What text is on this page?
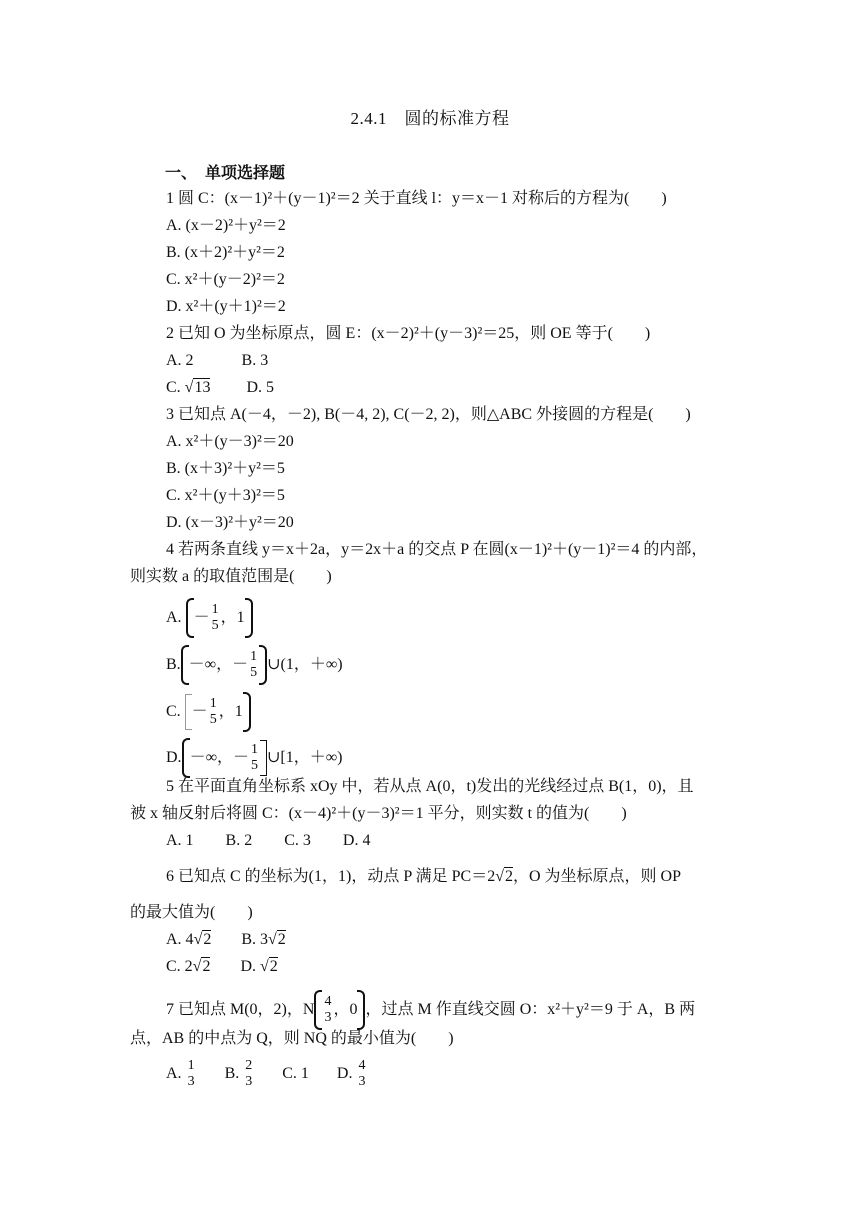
2.4.1　圆的标准方程
一、　单项选择题
1 圆 C：(x－1)²＋(y－1)²＝2 关于直线 l：y＝x－1 对称后的方程为(　　)
A. (x－2)²＋y²＝2
B. (x＋2)²＋y²＝2
C. x²＋(y－2)²＝2
D. x²＋(y＋1)²＝2
2 已知 O 为坐标原点，圆 E：(x－2)²＋(y－3)²＝25，则 OE 等于(　　)
A. 2　　　B. 3
C. √13 D. 5
3 已知点 A(－4，－2), B(－4, 2), C(－2, 2)，则△ABC 外接圆的方程是(　　)
A. x²＋(y－3)²＝20
B. (x＋3)²＋y²＝5
C. x²＋(y＋3)²＝5
D. (x－3)²＋y²＝20
4 若两条直线 y＝x＋2a，y＝2x＋a 的交点 P 在圆(x－1)²＋(y－1)²＝4 的内部，
则实数 a 的取值范围是(　　)
A. － 1
5 ，1
B. －∞，－ 1
5 ∪(1，＋∞)
C. － 1
5 ，1
D. －∞，－ 1
5 ∪[1，＋∞)
5 在平面直角坐标系 xOy 中，若从点 A(0，t)发出的光线经过点 B(1，0)，且
被 x 轴反射后将圆 C：(x－4)²＋(y－3)²＝1 平分，则实数 t 的值为(　　)
A. 1　　B. 2　　C. 3　　D. 4
6 已知点 C 的坐标为(1，1)，动点 P 满足 PC＝2√2，O 为坐标原点，则 OP
的最大值为(　　)
A. 4√2 B. 3√2
C. 2√2 D. √2
7 已知点 M(0，2)，N 4
3 ，0 ，过点 M 作直线交圆 O：x²＋y²＝9 于 A，B 两
点，AB 的中点为 Q，则 NQ 的最小值为(　　)
A. 1
3 B. 2
3 C. 1 D. 4
3
